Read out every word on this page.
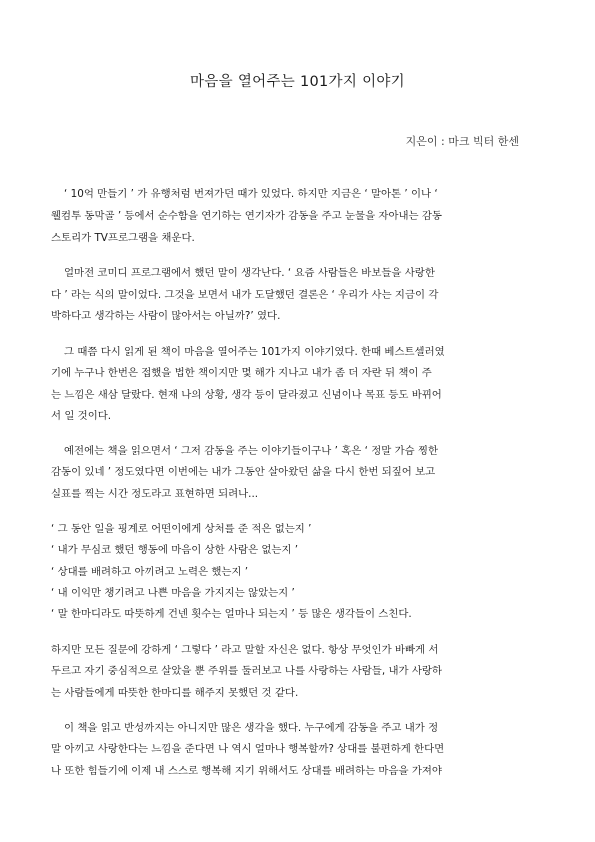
마음을 열어주는 101가지 이야기
지은이 : 마크 빅터 한센
‘ 10억 만들기 ’ 가 유행처럼 번져가던 때가 있었다. 하지만 지금은 ‘ 말아톤 ’ 이나 ‘
웰컴투 동막골 ’ 등에서 순수함을 연기하는 연기자가 감동을 주고 눈물을 자아내는 감동
스토리가 TV프로그램을 채운다.
얼마전 코미디 프로그램에서 했던 말이 생각난다. ‘ 요즘 사람들은 바보들을 사랑한
다 ’ 라는 식의 말이었다. 그것을 보면서 내가 도달했던 결론은 ‘ 우리가 사는 지금이 각
박하다고 생각하는 사람이 많아서는 아닐까?’ 였다.
그 때쯤 다시 읽게 된 책이 마음을 열어주는 101가지 이야기였다. 한때 베스트셀러였
기에 누구나 한번은 접했을 법한 책이지만 몇 해가 지나고 내가 좀 더 자란 뒤 책이 주
는 느낌은 새삼 달랐다. 현재 나의 상황, 생각 등이 달라졌고 신념이나 목표 등도 바뀌어
서 일 것이다.
예전에는 책을 읽으면서 ‘ 그저 감동을 주는 이야기들이구나 ’ 혹은 ‘ 정말 가슴 찡한
감동이 있네 ’ 정도였다면 이번에는 내가 그동안 살아왔던 삶을 다시 한번 되짚어 보고
실표를 찍는 시간 정도라고 표현하면 되려나...
‘ 그 동안 일을 핑계로 어떤이에게 상처를 준 적은 없는지 ’
‘ 내가 무심코 했던 행동에 마음이 상한 사람은 없는지 ’
‘ 상대를 배려하고 아끼려고 노력은 했는지 ’
‘ 내 이익만 챙기려고 나쁜 마음을 가지지는 않았는지 ’
‘ 말 한마디라도 따뜻하게 건넨 횟수는 얼마나 되는지 ’ 등 많은 생각들이 스친다.
하지만 모든 질문에 강하게 ‘ 그렇다 ’ 라고 말할 자신은 없다. 항상 무엇인가 바빠게 서
두르고 자기 중심적으로 살았을 뿐 주위를 둘러보고 나를 사랑하는 사람들, 내가 사랑하
는 사람들에게 따뜻한 한마디를 해주지 못했던 것 같다.
이 책을 읽고 반성까지는 아니지만 많은 생각을 했다. 누구에게 감동을 주고 내가 정
말 아끼고 사랑한다는 느낌을 준다면 나 역시 얼마나 행복할까? 상대를 불편하게 한다면
나 또한 힘들기에 이제 내 스스로 행복해 지기 위해서도 상대를 배려하는 마음을 가져야
